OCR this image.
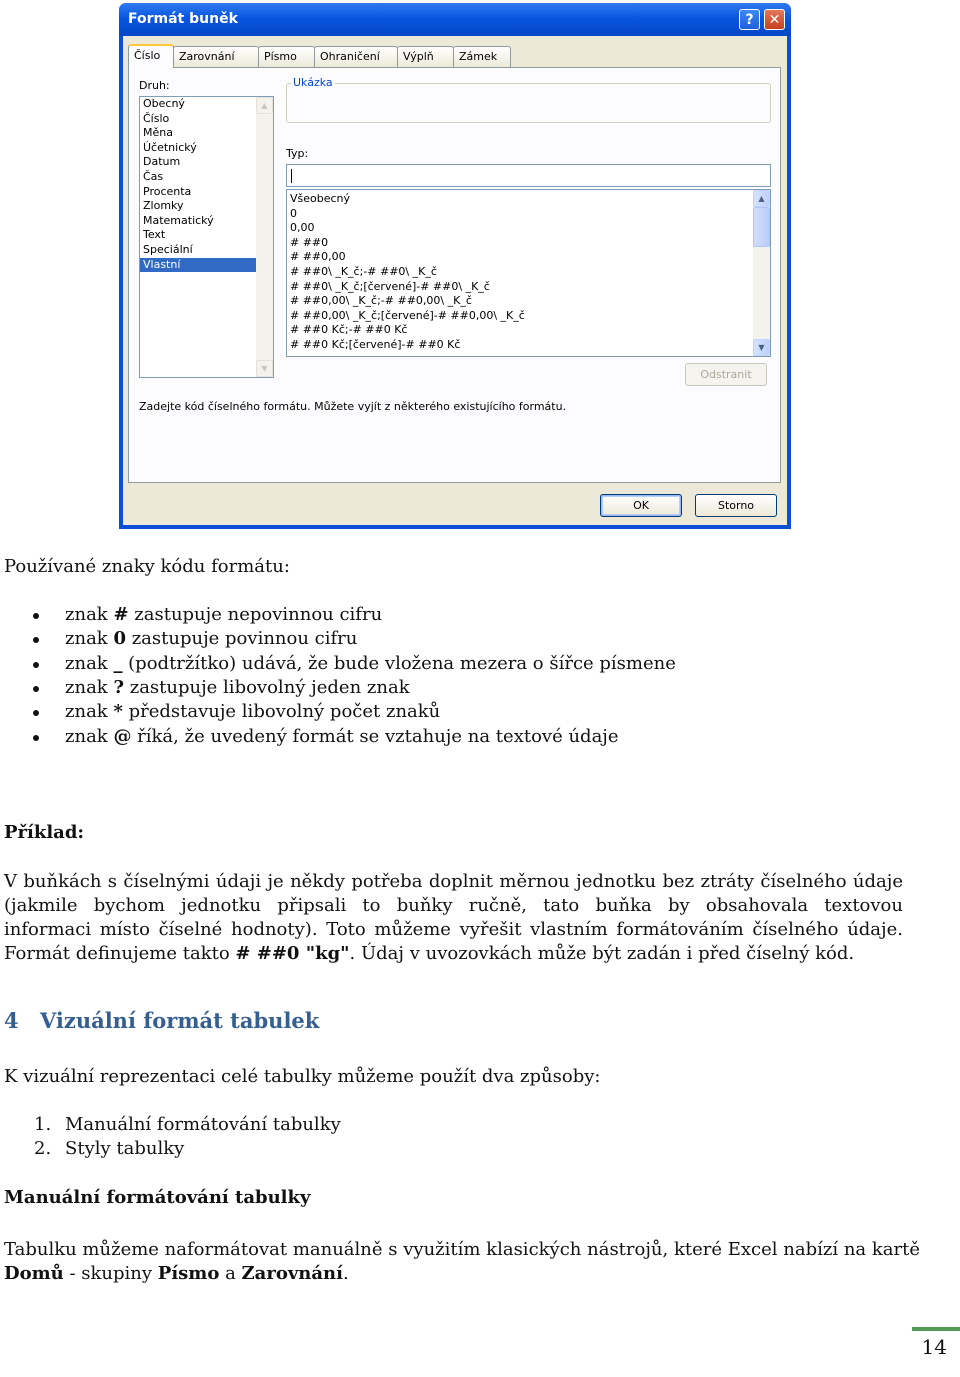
Formát buněk	?	✕
Číslo	Zarovnání	Písmo	Ohraničení	Výplň	Zámek
Druh:
Obecný
Číslo
Měna
Účetnický
Datum
Čas
Procenta
Zlomky
Matematický
Text
Speciální
Vlastní
▲
▼
Ukázka
Typ:
Všeobecný
0
0,00
# ##0
# ##0,00
# ##0\ _K_č;-# ##0\ _K_č
# ##0\ _K_č;[červené]-# ##0\ _K_č
# ##0,00\ _K_č;-# ##0,00\ _K_č
# ##0,00\ _K_č;[červené]-# ##0,00\ _K_č
# ##0 Kč;-# ##0 Kč
# ##0 Kč;[červené]-# ##0 Kč
▲
▼
Odstranit
Zadejte kód číselného formátu. Můžete vyjít z některého existujícího formátu.
OK	Storno
Používané znaky kódu formátu:
znak # zastupuje nepovinnou cifru
znak 0 zastupuje povinnou cifru
znak _ (podtržítko) udává, že bude vložena mezera o šířce písmene
znak ? zastupuje libovolný jeden znak
znak * představuje libovolný počet znaků
znak @ říká, že uvedený formát se vztahuje na textové údaje
Příklad:
V buňkách s číselnými údaji je někdy potřeba doplnit měrnou jednotku bez ztráty číselného údaje
(jakmile bychom jednotku připsali to buňky ručně, tato buňka by obsahovala textovou
informaci místo číselné hodnoty). Toto můžeme vyřešit vlastním formátováním číselného údaje.
Formát definujeme takto # ##0 "kg". Údaj v uvozovkách může být zadán i před číselný kód.
4 Vizuální formát tabulek
K vizuální reprezentaci celé tabulky můžeme použít dva způsoby:
1. Manuální formátování tabulky
2. Styly tabulky
Manuální formátování tabulky
Tabulku můžeme naformátovat manuálně s využitím klasických nástrojů, které Excel nabízí na kartě
Domů - skupiny Písmo a Zarovnání.
14
